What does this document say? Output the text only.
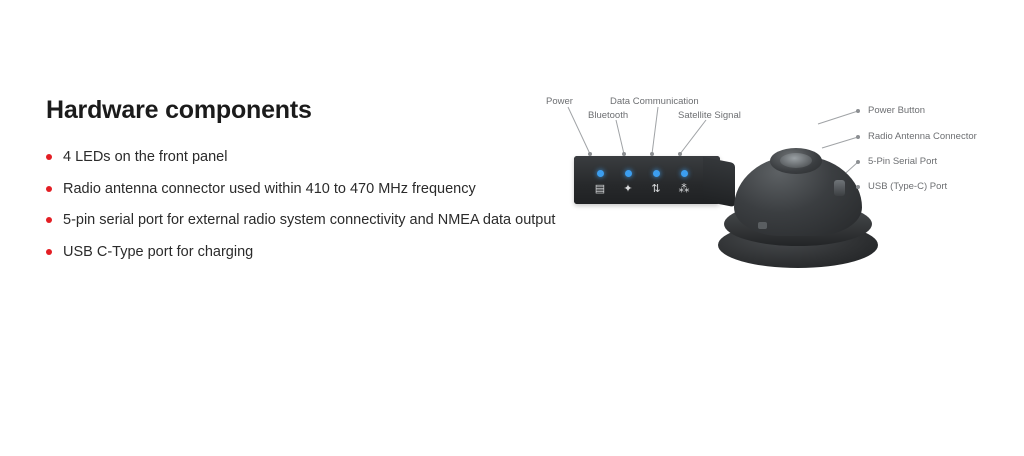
Hardware components
4 LEDs on the front panel
Radio antenna connector used within 410 to 470 MHz frequency
5-pin serial port for external radio system connectivity and NMEA data output
USB C-Type port for charging
▤ ✦ ⇅ ⁂
Power
Bluetooth
Data Communication
Satellite Signal	Power Button
Radio Antenna Connector
5-Pin Serial Port
USB (Type-C) Port
